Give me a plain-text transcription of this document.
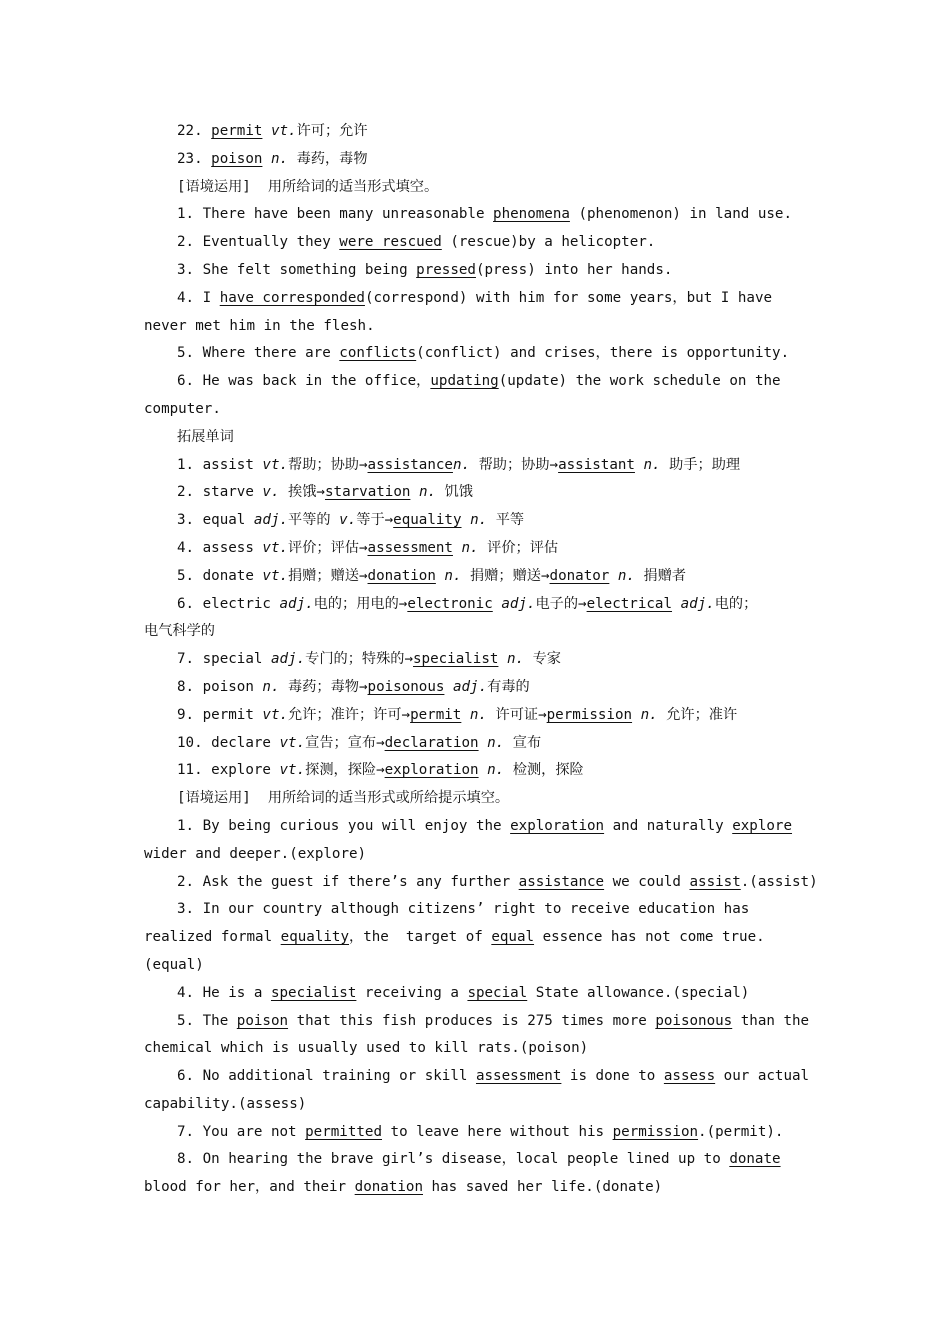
22. permit vt.许可；允许
23. poison n. 毒药，毒物
[语境运用]  用所给词的适当形式填空。
1. There have been many unreasonable phenomena (phenomenon) in land use.
2. Eventually they were rescued (rescue)by a helicopter.
3. She felt something being pressed(press) into her hands.
4. I have corresponded(correspond) with him for some years，but I have
never met him in the flesh.
5. Where there are conflicts(conflict) and crises，there is opportunity.
6. He was back in the office，updating(update) the work schedule on the
computer.
拓展单词
1. assist vt.帮助；协助→assistancen. 帮助；协助→assistant n. 助手；助理
2. starve v. 挨饿→starvation n. 饥饿
3. equal adj.平等的 v.等于→equality n. 平等
4. assess vt.评价；评估→assessment n. 评价；评估
5. donate vt.捐赠；赠送→donation n. 捐赠；赠送→donator n. 捐赠者
6. electric adj.电的；用电的→electronic adj.电子的→electrical adj.电的；
电气科学的
7. special adj.专门的；特殊的→specialist n. 专家
8. poison n. 毒药；毒物→poisonous adj.有毒的
9. permit vt.允许；准许；许可→permit n. 许可证→permission n. 允许；准许
10. declare vt.宣告；宣布→declaration n. 宣布
11. explore vt.探测，探险→exploration n. 检测，探险
[语境运用]  用所给词的适当形式或所给提示填空。
1. By being curious you will enjoy the exploration and naturally explore
wider and deeper.(explore)
2. Ask the guest if there’s any further assistance we could assist.(assist)
3. In our country although citizens’ right to receive education has
realized formal equality，the  target of equal essence has not come true.
(equal)
4. He is a specialist receiving a special State allowance.(special)
5. The poison that this fish produces is 275 times more poisonous than the
chemical which is usually used to kill rats.(poison)
6. No additional training or skill assessment is done to assess our actual
capability.(assess)
7. You are not permitted to leave here without his permission.(permit).
8. On hearing the brave girl’s disease，local people lined up to donate
blood for her，and their donation has saved her life.(donate)
